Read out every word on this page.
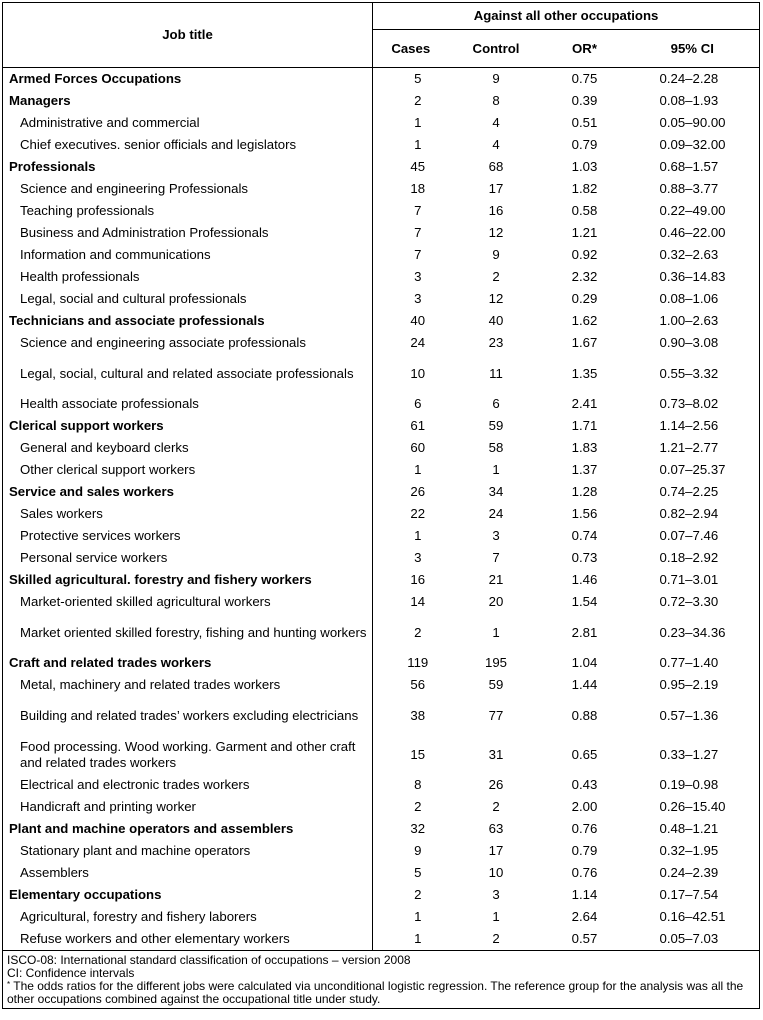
Job title	Against all other occupations			
	Cases	Control	OR*	95% CI
Armed Forces Occupations	5	9	0.75	0.24–2.28
Managers	2	8	0.39	0.08–1.93
Administrative and commercial	1	4	0.51	0.05–90.00
Chief executives. senior officials and legislators	1	4	0.79	0.09–32.00
Professionals	45	68	1.03	0.68–1.57
Science and engineering Professionals	18	17	1.82	0.88–3.77
Teaching professionals	7	16	0.58	0.22–49.00
Business and Administration Professionals	7	12	1.21	0.46–22.00
Information and communications	7	9	0.92	0.32–2.63
Health professionals	3	2	2.32	0.36–14.83
Legal, social and cultural professionals	3	12	0.29	0.08–1.06
Technicians and associate professionals	40	40	1.62	1.00–2.63
Science and engineering associate professionals	24	23	1.67	0.90–3.08
Legal, social, cultural and related associate professionals	10	11	1.35	0.55–3.32
Health associate professionals	6	6	2.41	0.73–8.02
Clerical support workers	61	59	1.71	1.14–2.56
General and keyboard clerks	60	58	1.83	1.21–2.77
Other clerical support workers	1	1	1.37	0.07–25.37
Service and sales workers	26	34	1.28	0.74–2.25
Sales workers	22	24	1.56	0.82–2.94
Protective services workers	1	3	0.74	0.07–7.46
Personal service workers	3	7	0.73	0.18–2.92
Skilled agricultural. forestry and fishery workers	16	21	1.46	0.71–3.01
Market-oriented skilled agricultural workers	14	20	1.54	0.72–3.30
Market oriented skilled forestry, fishing and hunting workers	2	1	2.81	0.23–34.36
Craft and related trades workers	119	195	1.04	0.77–1.40
Metal, machinery and related trades workers	56	59	1.44	0.95–2.19
Building and related trades’ workers excluding electricians	38	77	0.88	0.57–1.36
Food processing. Wood working. Garment and other craft and related trades workers	15	31	0.65	0.33–1.27
Electrical and electronic trades workers	8	26	0.43	0.19–0.98
Handicraft and printing worker	2	2	2.00	0.26–15.40
Plant and machine operators and assemblers	32	63	0.76	0.48–1.21
Stationary plant and machine operators	9	17	0.79	0.32–1.95
Assemblers	5	10	0.76	0.24–2.39
Elementary occupations	2	3	1.14	0.17–7.54
Agricultural, forestry and fishery laborers	1	1	2.64	0.16–42.51
Refuse workers and other elementary workers	1	2	0.57	0.05–7.03

ISCO-08: International standard classification of occupations – version 2008

CI: Confidence intervals

* The odds ratios for the different jobs were calculated via unconditional logistic regression. The reference group for the analysis was all the other occupations combined against the occupational title under study.				
